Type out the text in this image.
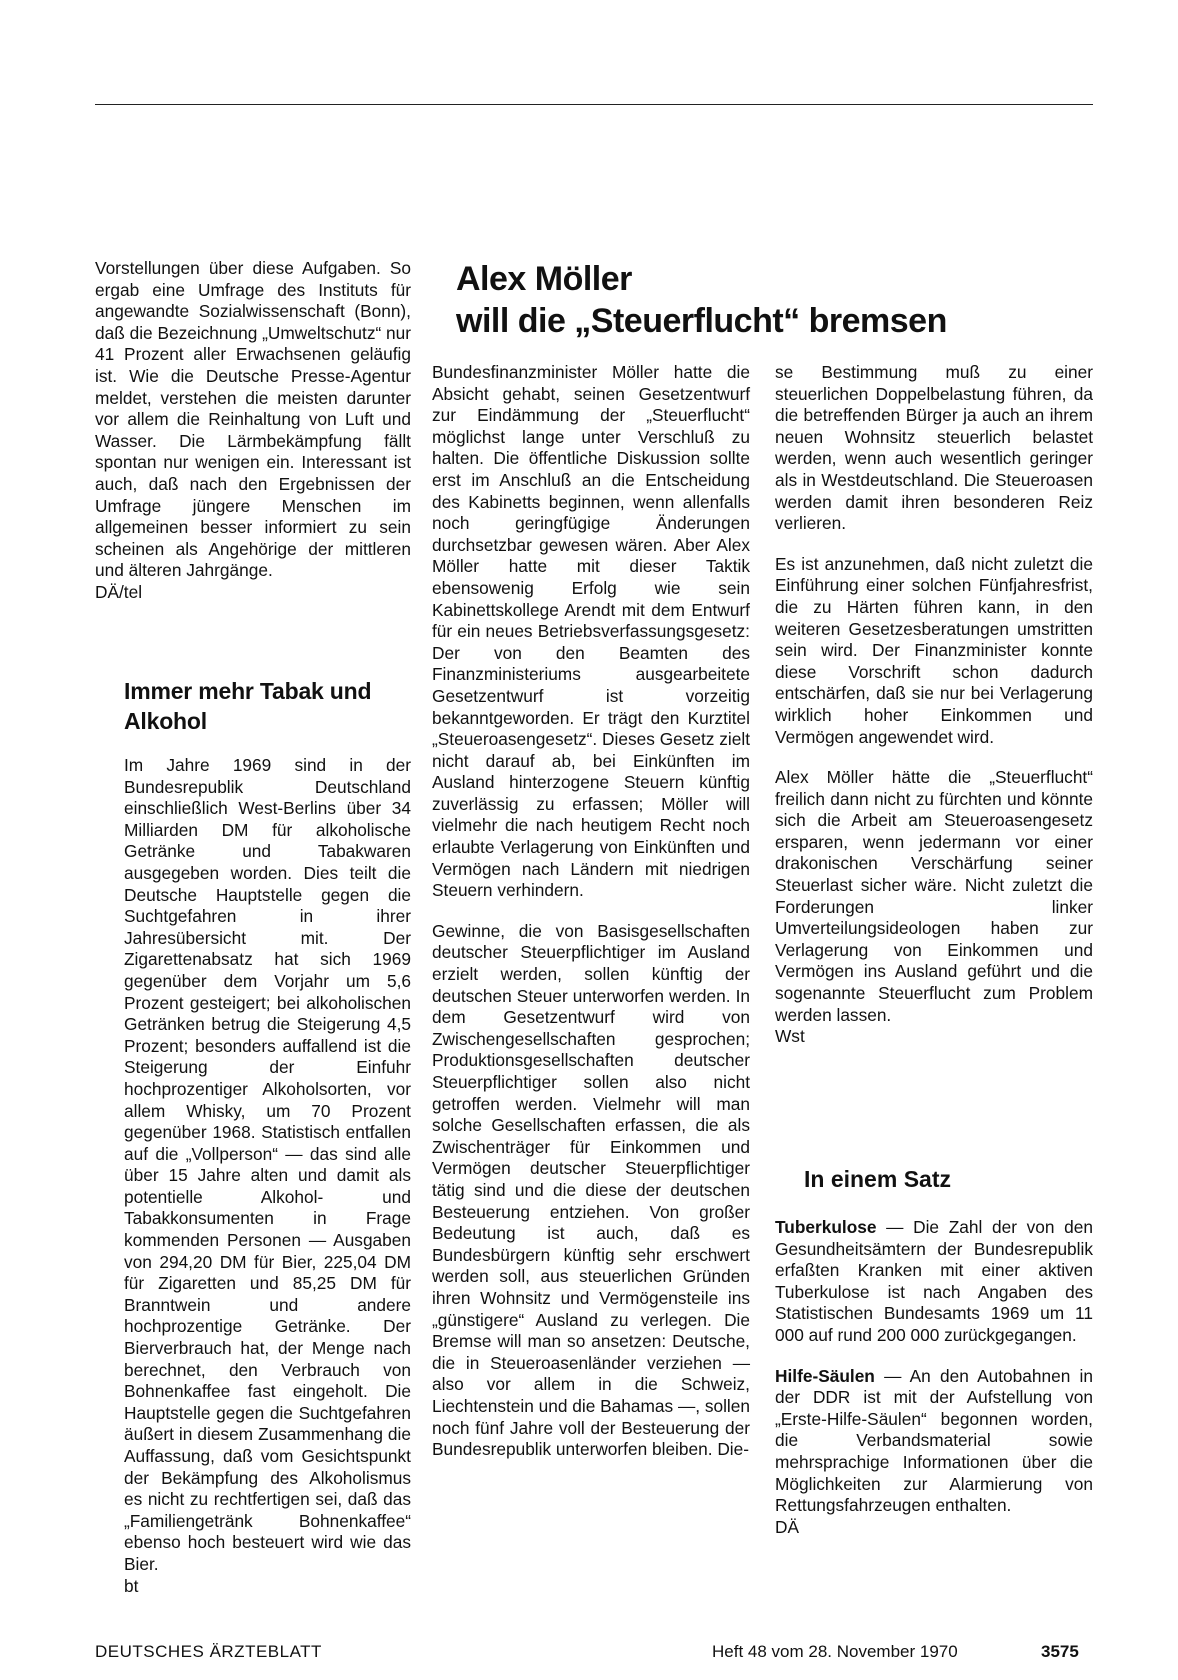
Vorstellungen über diese Aufgaben. So ergab eine Umfrage des Instituts für angewandte Sozialwissenschaft (Bonn), daß die Bezeichnung „Umweltschutz“ nur 41 Prozent aller Erwachsenen geläufig ist. Wie die Deutsche Presse-Agentur meldet, verstehen die meisten darunter vor allem die Reinhaltung von Luft und Wasser. Die Lärmbekämpfung fällt spontan nur wenigen ein. Interessant ist auch, daß nach den Ergebnissen der Umfrage jüngere Menschen im allgemeinen besser informiert zu sein scheinen als Angehörige der mittleren und älteren Jahrgänge.

DÄ/tel

Immer mehr Tabak und Alkohol

Im Jahre 1969 sind in der Bundesrepublik Deutschland einschließlich West-Berlins über 34 Milliarden DM für alkoholische Getränke und Tabakwaren ausgegeben worden. Dies teilt die Deutsche Hauptstelle gegen die Suchtgefahren in ihrer Jahresübersicht mit. Der Zigarettenabsatz hat sich 1969 gegenüber dem Vorjahr um 5,6 Prozent gesteigert; bei alkoholischen Getränken betrug die Steigerung 4,5 Prozent; besonders auffallend ist die Steigerung der Einfuhr hochprozentiger Alkoholsorten, vor allem Whisky, um 70 Prozent gegenüber 1968. Statistisch entfallen auf die „Vollperson“ — das sind alle über 15 Jahre alten und damit als potentielle Alkohol- und Tabakkonsumenten in Frage kommenden Personen — Ausgaben von 294,20 DM für Bier, 225,04 DM für Zigaretten und 85,25 DM für Branntwein und andere hochprozentige Getränke. Der Bierverbrauch hat, der Menge nach berechnet, den Verbrauch von Bohnenkaffee fast eingeholt. Die Hauptstelle gegen die Suchtgefahren äußert in diesem Zusammenhang die Auffassung, daß vom Gesichtspunkt der Bekämpfung des Alkoholismus es nicht zu rechtfertigen sei, daß das „Familiengetränk Bohnenkaffee“ ebenso hoch besteuert wird wie das Bier.

bt

Alex Möller
will die „Steuerflucht“ bremsen

Bundesfinanzminister Möller hatte die Absicht gehabt, seinen Gesetzentwurf zur Eindämmung der „Steuerflucht“ möglichst lange unter Verschluß zu halten. Die öffentliche Diskussion sollte erst im Anschluß an die Entscheidung des Kabinetts beginnen, wenn allenfalls noch geringfügige Änderungen durchsetzbar gewesen wären. Aber Alex Möller hatte mit dieser Taktik ebensowenig Erfolg wie sein Kabinettskollege Arendt mit dem Entwurf für ein neues Betriebsverfassungsgesetz: Der von den Beamten des Finanzministeriums ausgearbeitete Gesetzentwurf ist vorzeitig bekanntgeworden. Er trägt den Kurztitel „Steueroasengesetz“. Dieses Gesetz zielt nicht darauf ab, bei Einkünften im Ausland hinterzogene Steuern künftig zuverlässig zu erfassen; Möller will vielmehr die nach heutigem Recht noch erlaubte Verlagerung von Einkünften und Vermögen nach Ländern mit niedrigen Steuern verhindern.

Gewinne, die von Basisgesellschaften deutscher Steuerpflichtiger im Ausland erzielt werden, sollen künftig der deutschen Steuer unterworfen werden. In dem Gesetzentwurf wird von Zwischengesellschaften gesprochen; Produktionsgesellschaften deutscher Steuerpflichtiger sollen also nicht getroffen werden. Vielmehr will man solche Gesellschaften erfassen, die als Zwischenträger für Einkommen und Vermögen deutscher Steuerpflichtiger tätig sind und die diese der deutschen Besteuerung entziehen. Von großer Bedeutung ist auch, daß es Bundesbürgern künftig sehr erschwert werden soll, aus steuerlichen Gründen ihren Wohnsitz und Vermögensteile ins „günstigere“ Ausland zu verlegen. Die Bremse will man so ansetzen: Deutsche, die in Steueroasenländer verziehen — also vor allem in die Schweiz, Liechtenstein und die Bahamas —, sollen noch fünf Jahre voll der Besteuerung der Bundesrepublik unterworfen bleiben. Die-

se Bestimmung muß zu einer steuerlichen Doppelbelastung führen, da die betreffenden Bürger ja auch an ihrem neuen Wohnsitz steuerlich belastet werden, wenn auch wesentlich geringer als in Westdeutschland. Die Steueroasen werden damit ihren besonderen Reiz verlieren.

Es ist anzunehmen, daß nicht zuletzt die Einführung einer solchen Fünfjahresfrist, die zu Härten führen kann, in den weiteren Gesetzesberatungen umstritten sein wird. Der Finanzminister konnte diese Vorschrift schon dadurch entschärfen, daß sie nur bei Verlagerung wirklich hoher Einkommen und Vermögen angewendet wird.

Alex Möller hätte die „Steuerflucht“ freilich dann nicht zu fürchten und könnte sich die Arbeit am Steueroasengesetz ersparen, wenn jedermann vor einer drakonischen Verschärfung seiner Steuerlast sicher wäre. Nicht zuletzt die Forderungen linker Umverteilungsideologen haben zur Verlagerung von Einkommen und Vermögen ins Ausland geführt und die sogenannte Steuerflucht zum Problem werden lassen.

Wst

In einem Satz

Tuberkulose — Die Zahl der von den Gesundheitsämtern der Bundesrepublik erfaßten Kranken mit einer aktiven Tuberkulose ist nach Angaben des Statistischen Bundesamts 1969 um 11 000 auf rund 200 000 zurückgegangen.

Hilfe-Säulen — An den Autobahnen in der DDR ist mit der Aufstellung von „Erste-Hilfe-Säulen“ begonnen worden, die Verbandsmaterial sowie mehrsprachige Informationen über die Möglichkeiten zur Alarmierung von Rettungsfahrzeugen enthalten.

DÄ

DEUTSCHES ÄRZTEBLATT	Heft 48 vom 28. November 1970	3575
